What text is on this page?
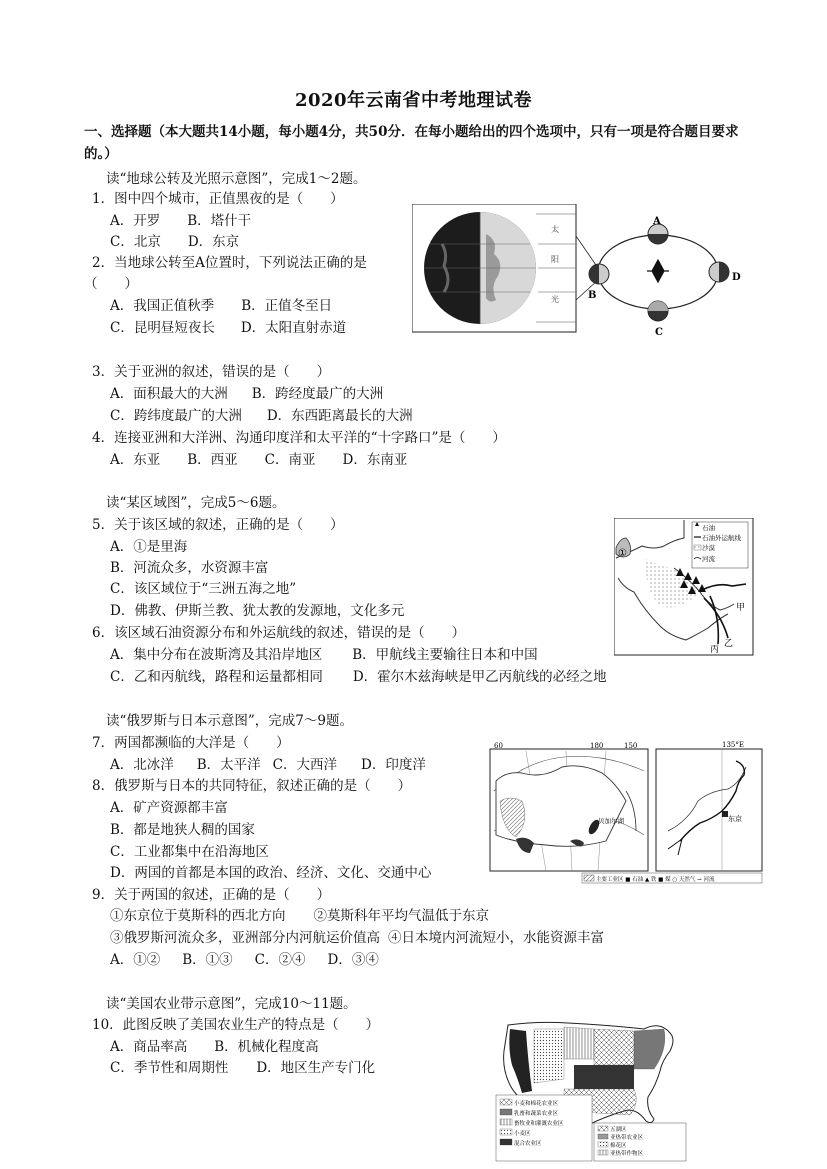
2020年云南省中考地理试卷
一、选择题（本大题共14小题，每小题4分，共50分．在每小题给出的四个选项中，只有一项是符合题目要求的。）
读“地球公转及光照示意图”，完成1～2题。
1．图中四个城市，正值黑夜的是（　　）
A．开罗 B．塔什干
C．北京 D．东京
2．当地球公转至A位置时，下列说法正确的是
（　　）
A．我国正值秋季 B．正值冬至日
C．昆明昼短夜长 D．太阳直射赤道
太
阳
光
A
B
C
D
3．关于亚洲的叙述，错误的是（　　）
A．面积最大的大洲 B．跨经度最广的大洲
C．跨纬度最广的大洲 D．东西距离最长的大洲
4．连接亚洲和大洋洲、沟通印度洋和太平洋的“十字路口”是（　　）
A．东亚 B．西亚 C．南亚 D．东南亚
读“某区域图”，完成5～6题。
5．关于该区域的叙述，正确的是（　　）
A．①是里海
B．河流众多，水资源丰富
C．该区域位于“三洲五海之地”
D．佛教、伊斯兰教、犹太教的发源地，文化多元
①
甲
乙
丙
石油
石油外运航线
沙漠
河流
6．该区域石油资源分布和外运航线的叙述，错误的是（　　）
A．集中分布在波斯湾及其沿岸地区 B．甲航线主要输往日本和中国
C．乙和丙航线，路程和运量都相同 D．霍尔木兹海峡是甲乙丙航线的必经之地
读“俄罗斯与日本示意图”，完成7～9题。
7．两国都濒临的大洋是（　　）
A．北冰洋 B．太平洋 C．大西洋 D．印度洋
8．俄罗斯与日本的共同特征，叙述正确的是（　　）
A．矿产资源都丰富
B．都是地狭人稠的国家
C．工业都集中在沿海地区
D．两国的首都是本国的政治、经济、文化、交通中心
60	180	150
贝加尔湖
135°E
东京
主要工业区 ■ 石油 ▲ 铁 ■ 煤 ○ 天然气 → 河流
9．关于两国的叙述，正确的是（　　）
①东京位于莫斯科的西北方向 ②莫斯科年平均气温低于东京
③俄罗斯河流众多，亚洲部分内河航运价值高 ④日本境内河流短小，水能资源丰富
A．①② B．①③ C．②④ D．③④
读“美国农业带示意图”，完成10～11题。
10．此图反映了美国农业生产的特点是（　　）
A．商品率高 B．机械化程度高
C．季节性和周期性 D．地区生产专门化
小麦和棉花农业区
乳畜和蔬菜农业区
畜牧业和灌溉农业区
小麦区
混合农业区
五湖区
亚热带农业区
棉花区
亚热带作物区
